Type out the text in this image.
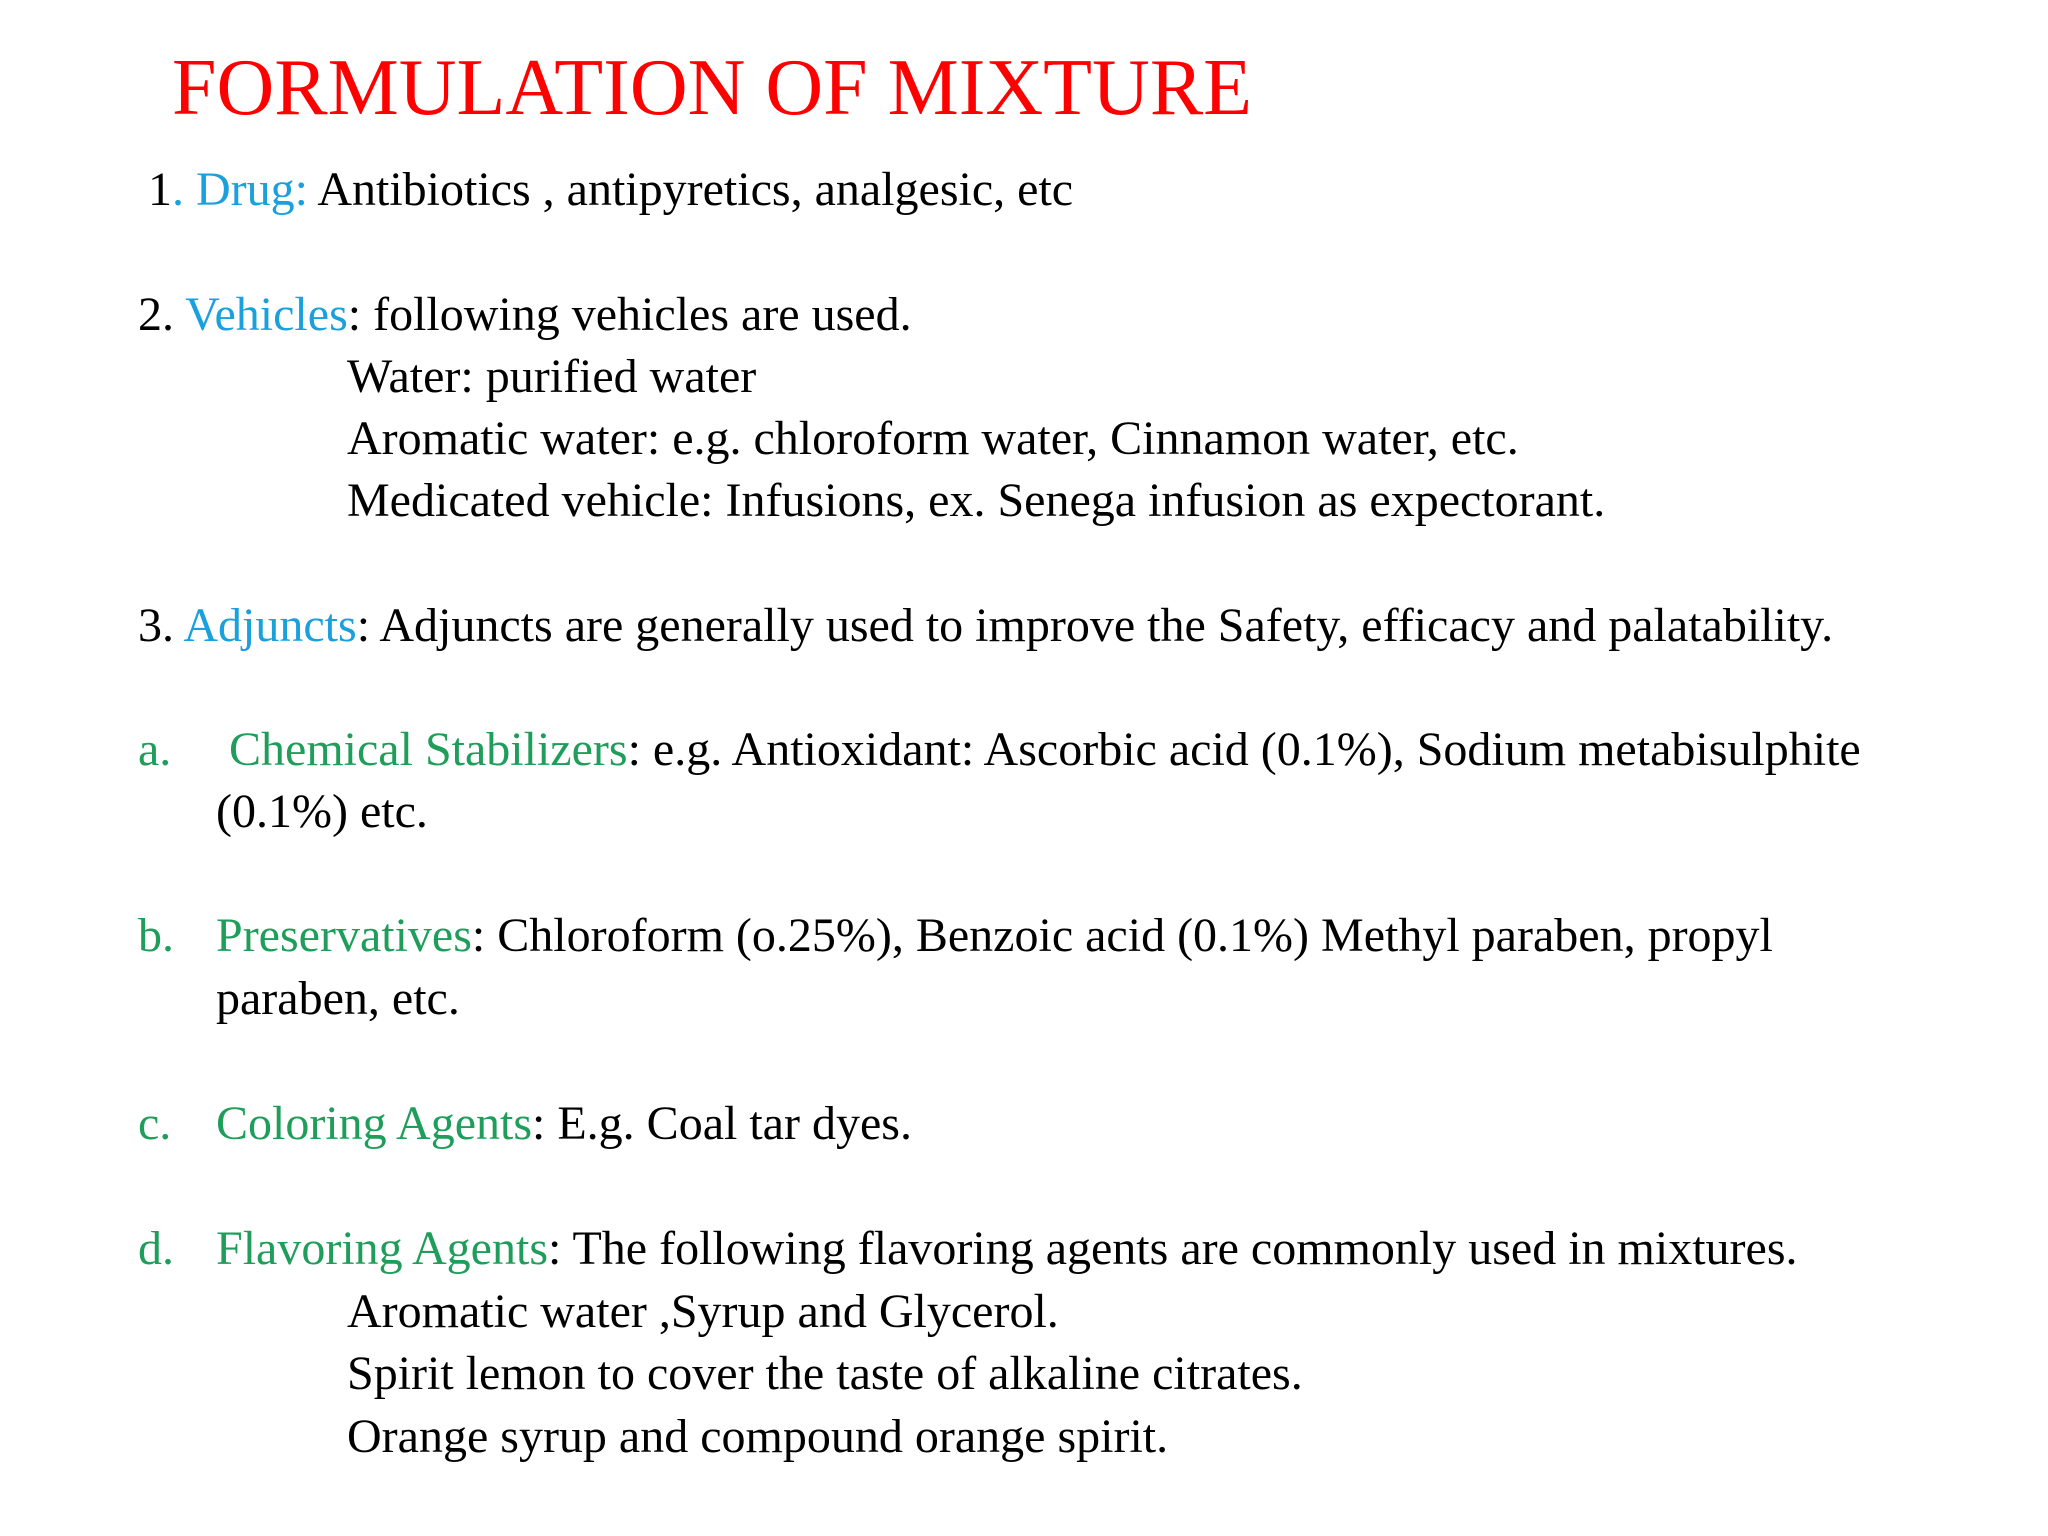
FORMULATION OF MIXTURE
1. Drug: Antibiotics , antipyretics, analgesic, etc
2. Vehicles: following vehicles are used.
Water: purified water
Aromatic water: e.g. chloroform water, Cinnamon water, etc.
Medicated vehicle: Infusions, ex. Senega infusion as expectorant.
3. Adjuncts: Adjuncts are generally used to improve the Safety, efficacy and palatability.
a. Chemical Stabilizers: e.g. Antioxidant: Ascorbic acid (0.1%), Sodium metabisulphite
(0.1%) etc.
b. Preservatives: Chloroform (o.25%), Benzoic acid (0.1%) Methyl paraben, propyl
paraben, etc.
c. Coloring Agents: E.g. Coal tar dyes.
d. Flavoring Agents: The following flavoring agents are commonly used in mixtures.
Aromatic water ,Syrup and Glycerol.
Spirit lemon to cover the taste of alkaline citrates.
Orange syrup and compound orange spirit.
